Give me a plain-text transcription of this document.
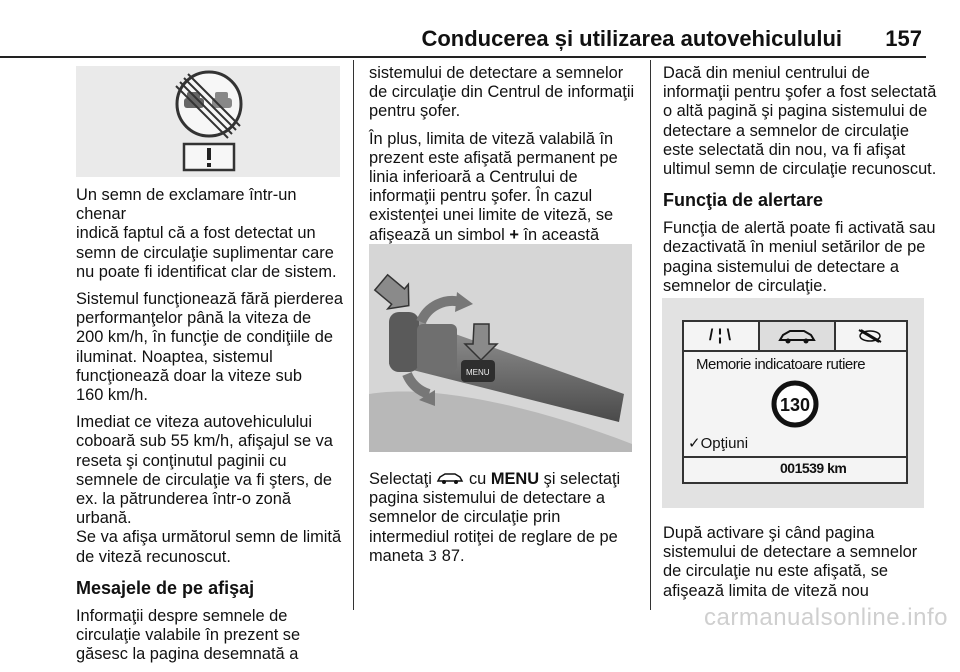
Conducerea și utilizarea autovehiculului 157

Un semn de exclamare într-un chenar
indică faptul că a fost detectat un
semn de circulaţie suplimentar care
nu poate fi identificat clar de sistem.

Sistemul funcţionează fără pierderea
performanţelor până la viteza de
200 km/h, în funcţie de condiţiile de
iluminat. Noaptea, sistemul
funcţionează doar la viteze sub
160 km/h.

Imediat ce viteza autovehiculului
coboară sub 55 km/h, afişajul se va
reseta şi conţinutul paginii cu
semnele de circulaţie va fi şters, de
ex. la pătrunderea într-o zonă urbană.
Se va afişa următorul semn de limită
de viteză recunoscut.

Mesajele de pe afişaj

Informaţii despre semnele de
circulaţie valabile în prezent se
găsesc la pagina desemnată a

sistemului de detectare a semnelor
de circulaţie din Centrul de informaţii
pentru şofer.

În plus, limita de viteză valabilă în
prezent este afişată permanent pe
linia inferioară a Centrului de
informaţii pentru şofer. În cazul
existenţei unei limite de viteză, se
afişează un simbol + în această

MENU

Selectaţi  cu MENU şi selectaţi
pagina sistemului de detectare a
semnelor de circulaţie prin
intermediul rotiţei de reglare de pe
maneta 3 87.

Dacă din meniul centrului de
informaţii pentru şofer a fost selectată
o altă pagină şi pagina sistemului de
detectare a semnelor de circulaţie
este selectată din nou, va fi afişat
ultimul semn de circulaţie recunoscut.

Funcţia de alertare

Funcţia de alertă poate fi activată sau
dezactivată în meniul setărilor de pe
pagina sistemului de detectare a
semnelor de circulaţie.

/ ¦ \
Memorie indicatoare rutiere
130
✓Opţiuni
001539 km

După activare şi când pagina
sistemului de detectare a semnelor
de circulaţie nu este afişată, se
afişează limita de viteză nou

carmanualsonline.info
